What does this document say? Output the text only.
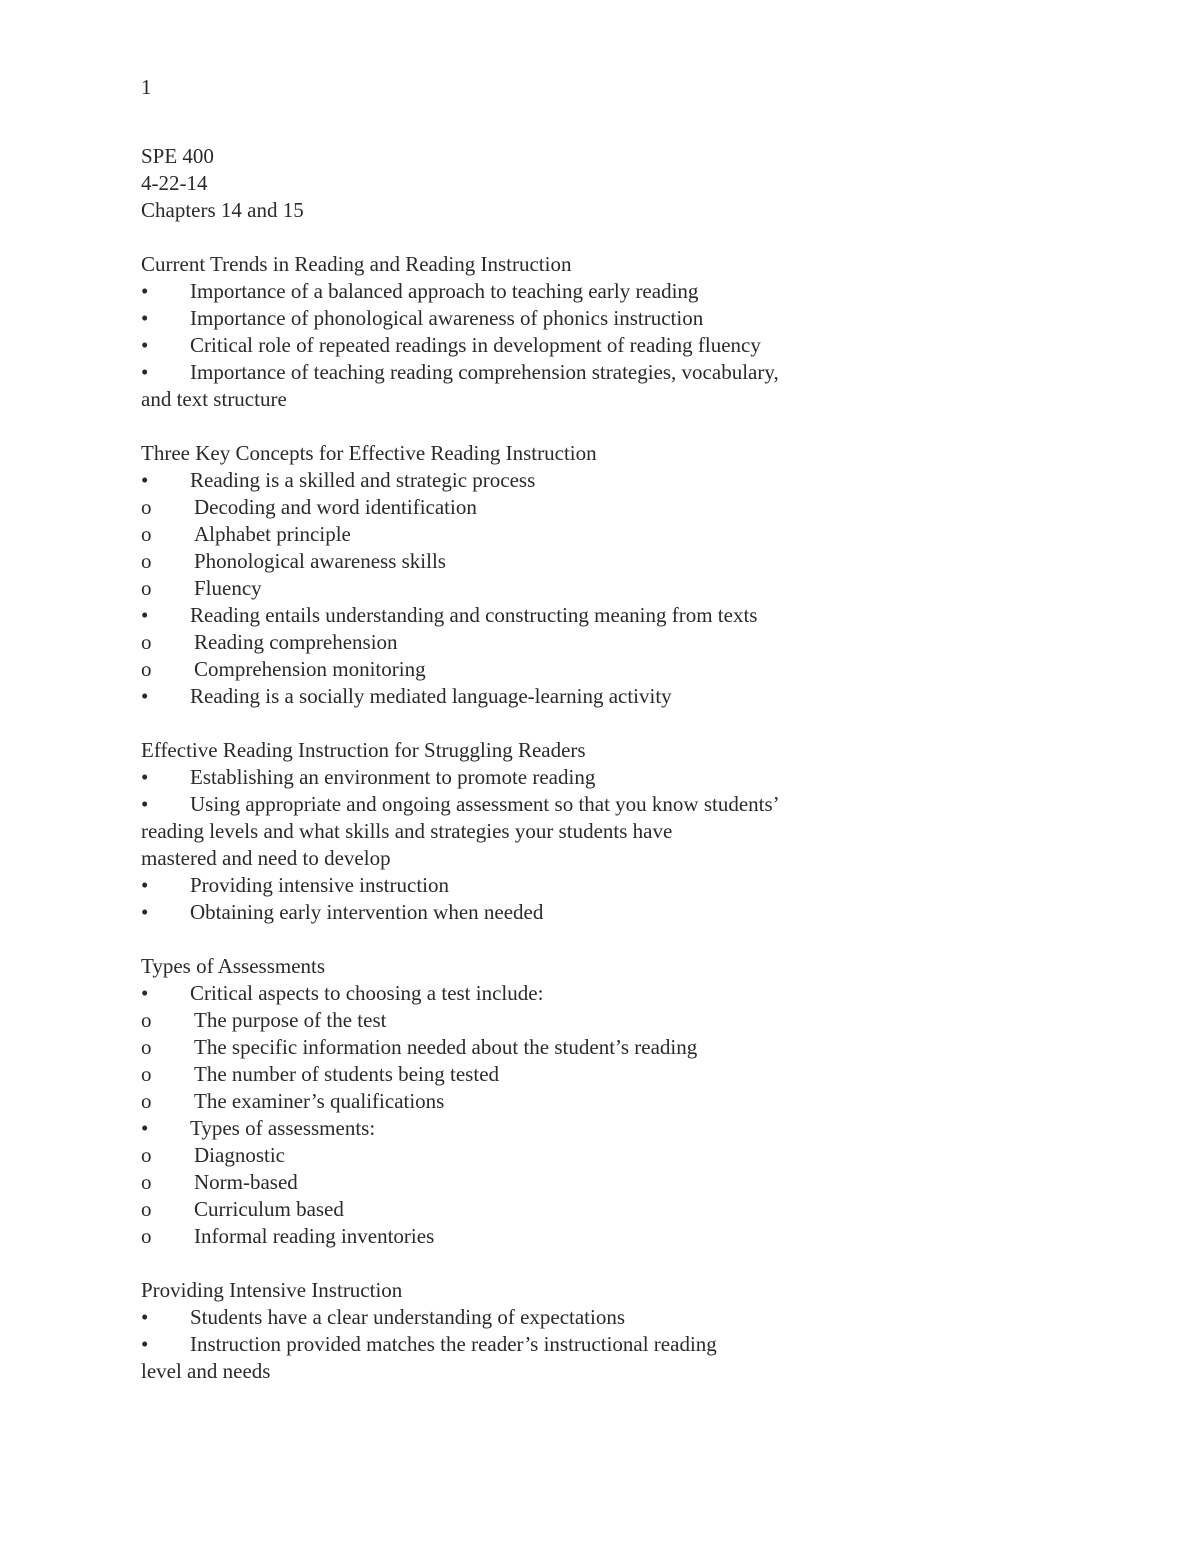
1
SPE 400
4-22-14
Chapters 14 and 15
Current Trends in Reading and Reading Instruction
•	Importance of a balanced approach to teaching early reading
•	Importance of phonological awareness of phonics instruction
•	Critical role of repeated readings in development of reading fluency
•	Importance of teaching reading comprehension strategies, vocabulary,
and text structure
Three Key Concepts for Effective Reading Instruction
•	Reading is a skilled and strategic process
o	Decoding and word identification
o	Alphabet principle
o	Phonological awareness skills
o	Fluency
•	Reading entails understanding and constructing meaning from texts
o	Reading comprehension
o	Comprehension monitoring
•	Reading is a socially mediated language-learning activity
Effective Reading Instruction for Struggling Readers
•	Establishing an environment to promote reading
•	Using appropriate and ongoing assessment so that you know students’
reading levels and what skills and strategies your students have
mastered and need to develop
•	Providing intensive instruction
•	Obtaining early intervention when needed
Types of Assessments
•	Critical aspects to choosing a test include:
o	The purpose of the test
o	The specific information needed about the student’s reading
o	The number of students being tested
o	The examiner’s qualifications
•	Types of assessments:
o	Diagnostic
o	Norm-based
o	Curriculum based
o	Informal reading inventories
Providing Intensive Instruction
•	Students have a clear understanding of expectations
•	Instruction provided matches the reader’s instructional reading
level and needs
